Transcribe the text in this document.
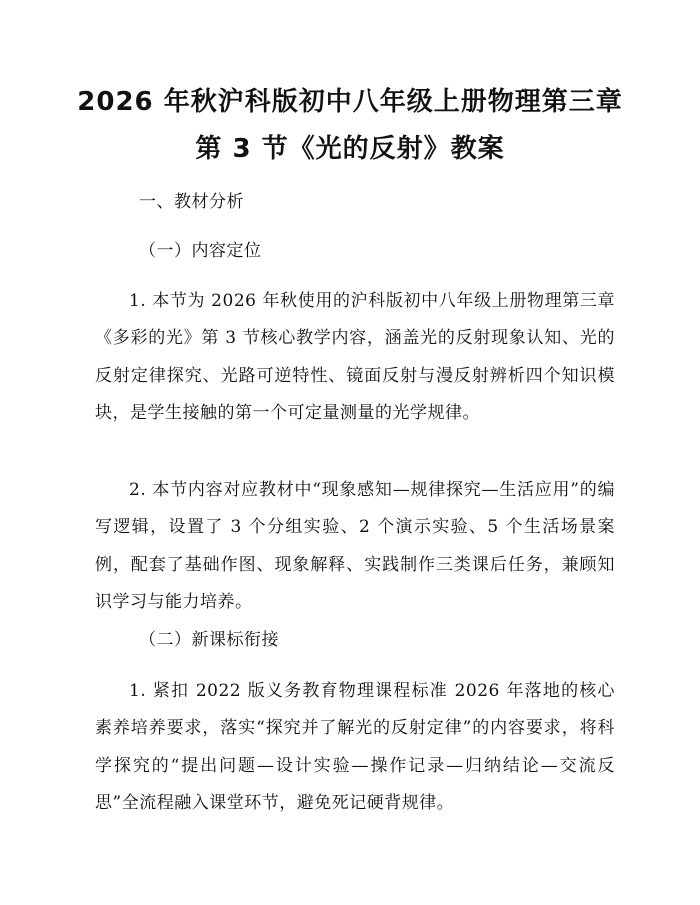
2026 年秋沪科版初中八年级上册物理第三章
第 3 节《光的反射》教案
一、教材分析
（一）内容定位
1. 本节为 2026 年秋使用的沪科版初中八年级上册物理第三章《多彩的光》第 3 节核心教学内容，涵盖光的反射现象认知、光的反射定律探究、光路可逆特性、镜面反射与漫反射辨析四个知识模块，是学生接触的第一个可定量测量的光学规律。
2. 本节内容对应教材中“现象感知—规律探究—生活应用”的编写逻辑，设置了 3 个分组实验、2 个演示实验、5 个生活场景案例，配套了基础作图、现象解释、实践制作三类课后任务，兼顾知识学习与能力培养。
（二）新课标衔接
1. 紧扣 2022 版义务教育物理课程标准 2026 年落地的核心素养培养要求，落实“探究并了解光的反射定律”的内容要求，将科学探究的“提出问题—设计实验—操作记录—归纳结论—交流反思”全流程融入课堂环节，避免死记硬背规律。
